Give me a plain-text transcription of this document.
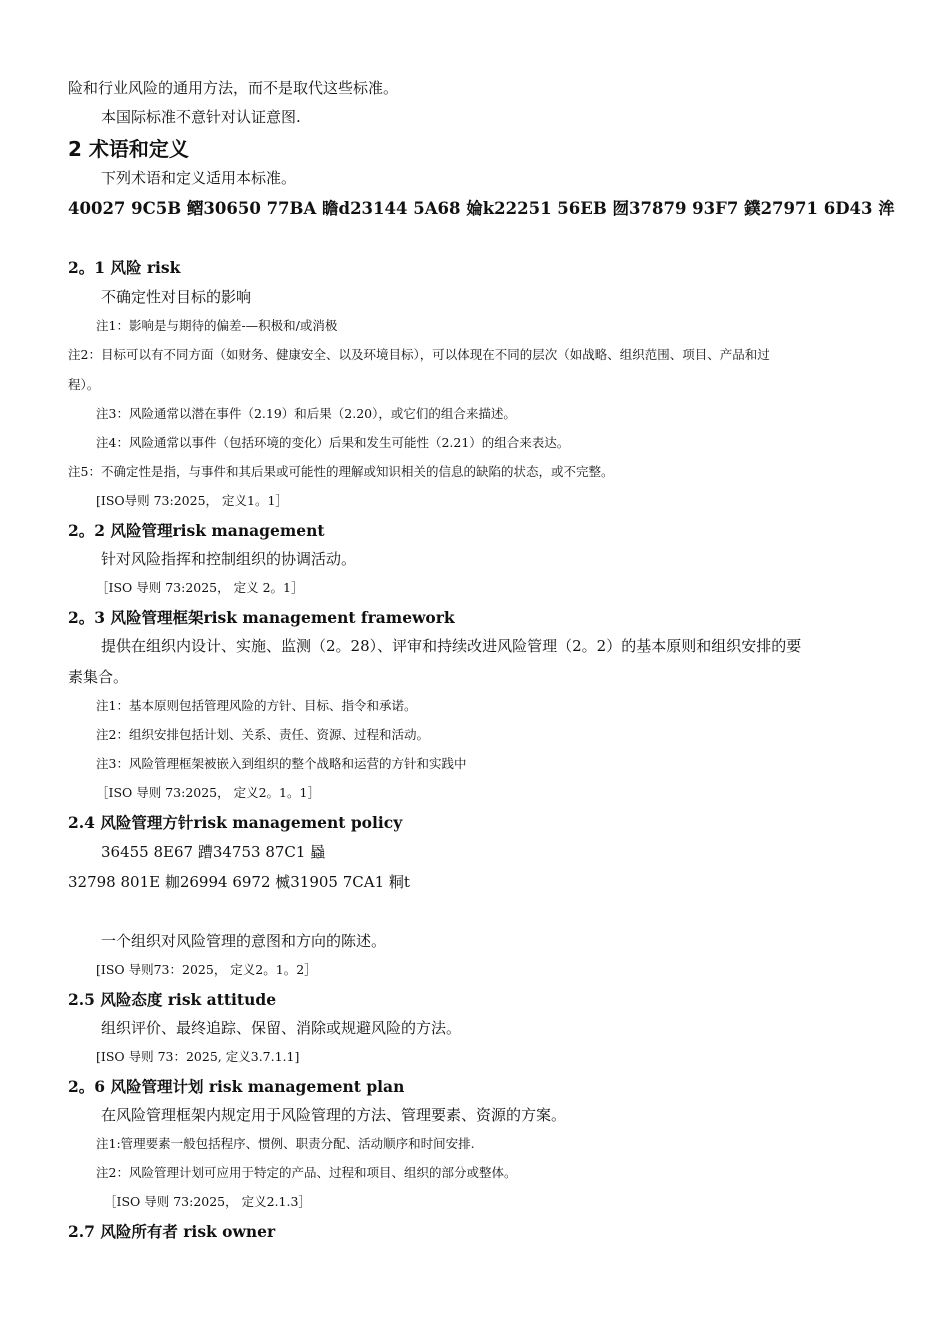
险和行业风险的通用方法，而不是取代这些标准。
本国际标准不意针对认证意图.
2 术语和定义
下列术语和定义适用本标准。
40027 9C5B 鳛30650 77BA 瞻d23144 5A68 婨k22251 56EB 囫37879 93F7 鏷27971 6D43 洠
2。1 风险 risk
不确定性对目标的影响
注1：影响是与期待的偏差-—积极和/或消极
注2：目标可以有不同方面（如财务、健康安全、以及环境目标），可以体现在不同的层次（如战略、组织范围、项目、产品和过
程）。
注3：风险通常以潜在事件（2.19）和后果（2.20），或它们的组合来描述。
注4：风险通常以事件（包括环境的变化）后果和发生可能性（2.21）的组合来表达。
注5：不确定性是指，与事件和其后果或可能性的理解或知识相关的信息的缺陷的状态，或不完整。
[ISO导则 73:2025， 定义1。1］
2。2 风险管理risk management
针对风险指挥和控制组织的协调活动。
［ISO 导则 73:2025， 定义 2。1］
2。3 风险管理框架risk management framework
提供在组织内设计、实施、监测（2。28）、评审和持续改进风险管理（2。2）的基本原则和组织安排的要
素集合。
注1：基本原则包括管理风险的方针、目标、指令和承诺。
注2：组织安排包括计划、关系、责任、资源、过程和活动。
注3：风险管理框架被嵌入到组织的整个战略和运营的方针和实践中
［ISO 导则 73:2025， 定义2。1。1］
2.4 风险管理方针risk management policy
36455 8E67 蹧34753 87C1 蟁
32798 801E 耞26994 6972 楲31905 7CA1 粡t
一个组织对风险管理的意图和方向的陈述。
[ISO 导则73：2025， 定义2。1。2］
2.5 风险态度 risk attitude
组织评价、最终追踪、保留、消除或规避风险的方法。
[ISO 导则 73：2025, 定义3.7.1.1]
2。6 风险管理计划 risk management plan
在风险管理框架内规定用于风险管理的方法、管理要素、资源的方案。
注1:管理要素一般包括程序、惯例、职责分配、活动顺序和时间安排.
注2：风险管理计划可应用于特定的产品、过程和项目、组织的部分或整体。
［ISO 导则 73:2025， 定义2.1.3］
2.7 风险所有者 risk owner
